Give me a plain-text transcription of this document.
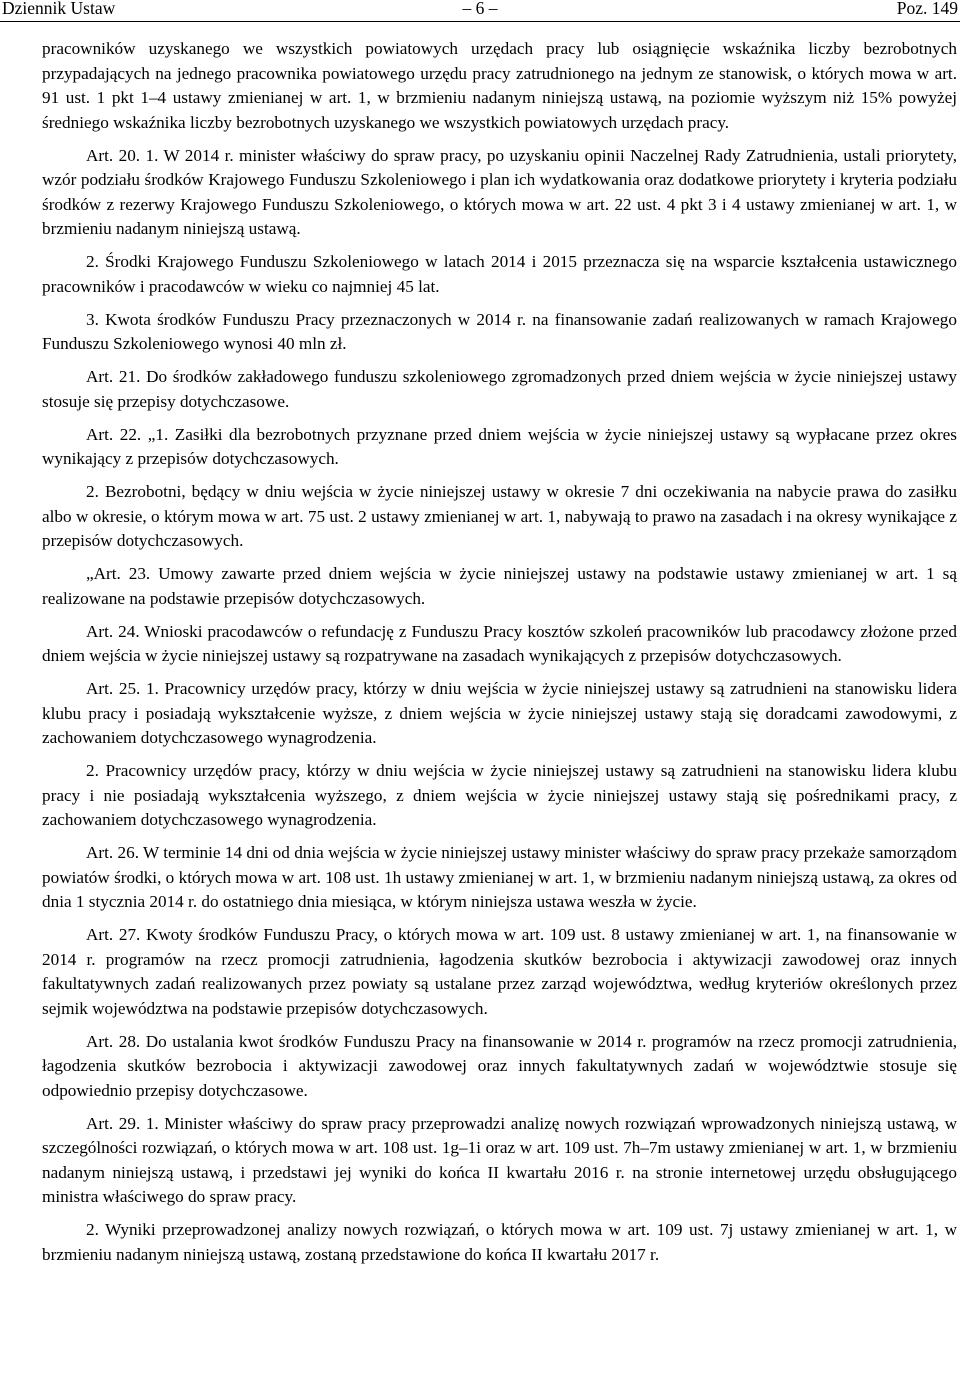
Dziennik Ustaw	– 6 –	Poz. 149

pracowników uzyskanego we wszystkich powiatowych urzędach pracy lub osiągnięcie wskaźnika liczby bezrobotnych przypadających na jednego pracownika powiatowego urzędu pracy zatrudnionego na jednym ze stanowisk, o których mowa w art. 91 ust. 1 pkt 1–4 ustawy zmienianej w art. 1, w brzmieniu nadanym niniejszą ustawą, na poziomie wyższym niż 15% powyżej średniego wskaźnika liczby bezrobotnych uzyskanego we wszystkich powiatowych urzędach pracy.

Art. 20. 1. W 2014 r. minister właściwy do spraw pracy, po uzyskaniu opinii Naczelnej Rady Zatrudnienia, ustali priorytety, wzór podziału środków Krajowego Funduszu Szkoleniowego i plan ich wydatkowania oraz dodatkowe priorytety i kryteria podziału środków z rezerwy Krajowego Funduszu Szkoleniowego, o których mowa w art. 22 ust. 4 pkt 3 i 4 ustawy zmienianej w art. 1, w brzmieniu nadanym niniejszą ustawą.

2. Środki Krajowego Funduszu Szkoleniowego w latach 2014 i 2015 przeznacza się na wsparcie kształcenia ustawicznego pracowników i pracodawców w wieku co najmniej 45 lat.

3. Kwota środków Funduszu Pracy przeznaczonych w 2014 r. na finansowanie zadań realizowanych w ramach Krajowego Funduszu Szkoleniowego wynosi 40 mln zł.

Art. 21. Do środków zakładowego funduszu szkoleniowego zgromadzonych przed dniem wejścia w życie niniejszej ustawy stosuje się przepisy dotychczasowe.

Art. 22. „1. Zasiłki dla bezrobotnych przyznane przed dniem wejścia w życie niniejszej ustawy są wypłacane przez okres wynikający z przepisów dotychczasowych.

2. Bezrobotni, będący w dniu wejścia w życie niniejszej ustawy w okresie 7 dni oczekiwania na nabycie prawa do zasiłku albo w okresie, o którym mowa w art. 75 ust. 2 ustawy zmienianej w art. 1, nabywają to prawo na zasadach i na okresy wynikające z przepisów dotychczasowych.

„Art. 23. Umowy zawarte przed dniem wejścia w życie niniejszej ustawy na podstawie ustawy zmienianej w art. 1 są realizowane na podstawie przepisów dotychczasowych.

Art. 24. Wnioski pracodawców o refundację z Funduszu Pracy kosztów szkoleń pracowników lub pracodawcy złożone przed dniem wejścia w życie niniejszej ustawy są rozpatrywane na zasadach wynikających z przepisów dotychczasowych.

Art. 25. 1. Pracownicy urzędów pracy, którzy w dniu wejścia w życie niniejszej ustawy są zatrudnieni na stanowisku lidera klubu pracy i posiadają wykształcenie wyższe, z dniem wejścia w życie niniejszej ustawy stają się doradcami zawodowymi, z zachowaniem dotychczasowego wynagrodzenia.

2. Pracownicy urzędów pracy, którzy w dniu wejścia w życie niniejszej ustawy są zatrudnieni na stanowisku lidera klubu pracy i nie posiadają wykształcenia wyższego, z dniem wejścia w życie niniejszej ustawy stają się pośrednikami pracy, z zachowaniem dotychczasowego wynagrodzenia.

Art. 26. W terminie 14 dni od dnia wejścia w życie niniejszej ustawy minister właściwy do spraw pracy przekaże samorządom powiatów środki, o których mowa w art. 108 ust. 1h ustawy zmienianej w art. 1, w brzmieniu nadanym niniejszą ustawą, za okres od dnia 1 stycznia 2014 r. do ostatniego dnia miesiąca, w którym niniejsza ustawa weszła w życie.

Art. 27. Kwoty środków Funduszu Pracy, o których mowa w art. 109 ust. 8 ustawy zmienianej w art. 1, na finansowanie w 2014 r. programów na rzecz promocji zatrudnienia, łagodzenia skutków bezrobocia i aktywizacji zawodowej oraz innych fakultatywnych zadań realizowanych przez powiaty są ustalane przez zarząd województwa, według kryteriów określonych przez sejmik województwa na podstawie przepisów dotychczasowych.

Art. 28. Do ustalania kwot środków Funduszu Pracy na finansowanie w 2014 r. programów na rzecz promocji zatrudnienia, łagodzenia skutków bezrobocia i aktywizacji zawodowej oraz innych fakultatywnych zadań w województwie stosuje się odpowiednio przepisy dotychczasowe.

Art. 29. 1. Minister właściwy do spraw pracy przeprowadzi analizę nowych rozwiązań wprowadzonych niniejszą ustawą, w szczególności rozwiązań, o których mowa w art. 108 ust. 1g–1i oraz w art. 109 ust. 7h–7m ustawy zmienianej w art. 1, w brzmieniu nadanym niniejszą ustawą, i przedstawi jej wyniki do końca II kwartału 2016 r. na stronie internetowej urzędu obsługującego ministra właściwego do spraw pracy.

2. Wyniki przeprowadzonej analizy nowych rozwiązań, o których mowa w art. 109 ust. 7j ustawy zmienianej w art. 1, w brzmieniu nadanym niniejszą ustawą, zostaną przedstawione do końca II kwartału 2017 r.
